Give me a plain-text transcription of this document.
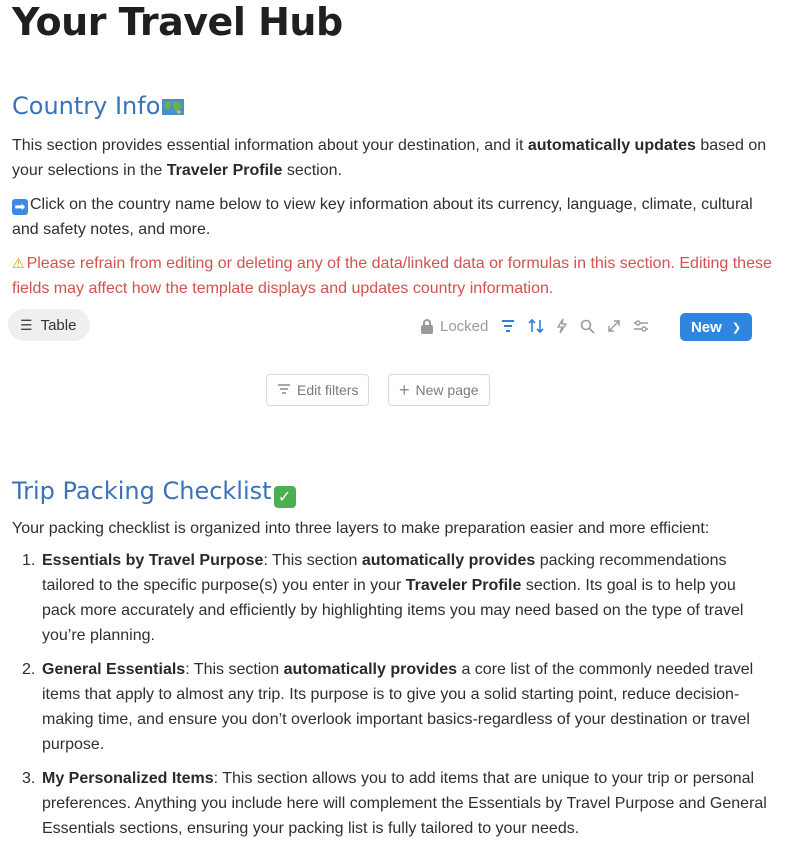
Your Travel Hub
Country Info

This section provides essential information about your destination, and it automatically updates based on your selections in the Traveler Profile section.

➡ Click on the country name below to view key information about its currency, language, climate, cultural and safety notes, and more.

⚠ Please refrain from editing or deleting any of the data/linked data or formulas in this section. Editing these fields may affect how the template displays and updates country information.

☰ Table	Locked	New ❯
Edit filters + New page
Trip Packing Checklist ✓

Your packing checklist is organized into three layers to make preparation easier and more efficient:

1. Essentials by Travel Purpose: This section automatically provides packing recommendations tailored to the specific purpose(s) you enter in your Traveler Profile section. Its goal is to help you pack more accurately and efficiently by highlighting items you may need based on the type of travel you’re planning.
2. General Essentials: This section automatically provides a core list of the commonly needed travel items that apply to almost any trip. Its purpose is to give you a solid starting point, reduce decision-making time, and ensure you don’t overlook important basics-regardless of your destination or travel purpose.
3. My Personalized Items: This section allows you to add items that are unique to your trip or personal preferences. Anything you include here will complement the Essentials by Travel Purpose and General Essentials sections, ensuring your packing list is fully tailored to your needs.
